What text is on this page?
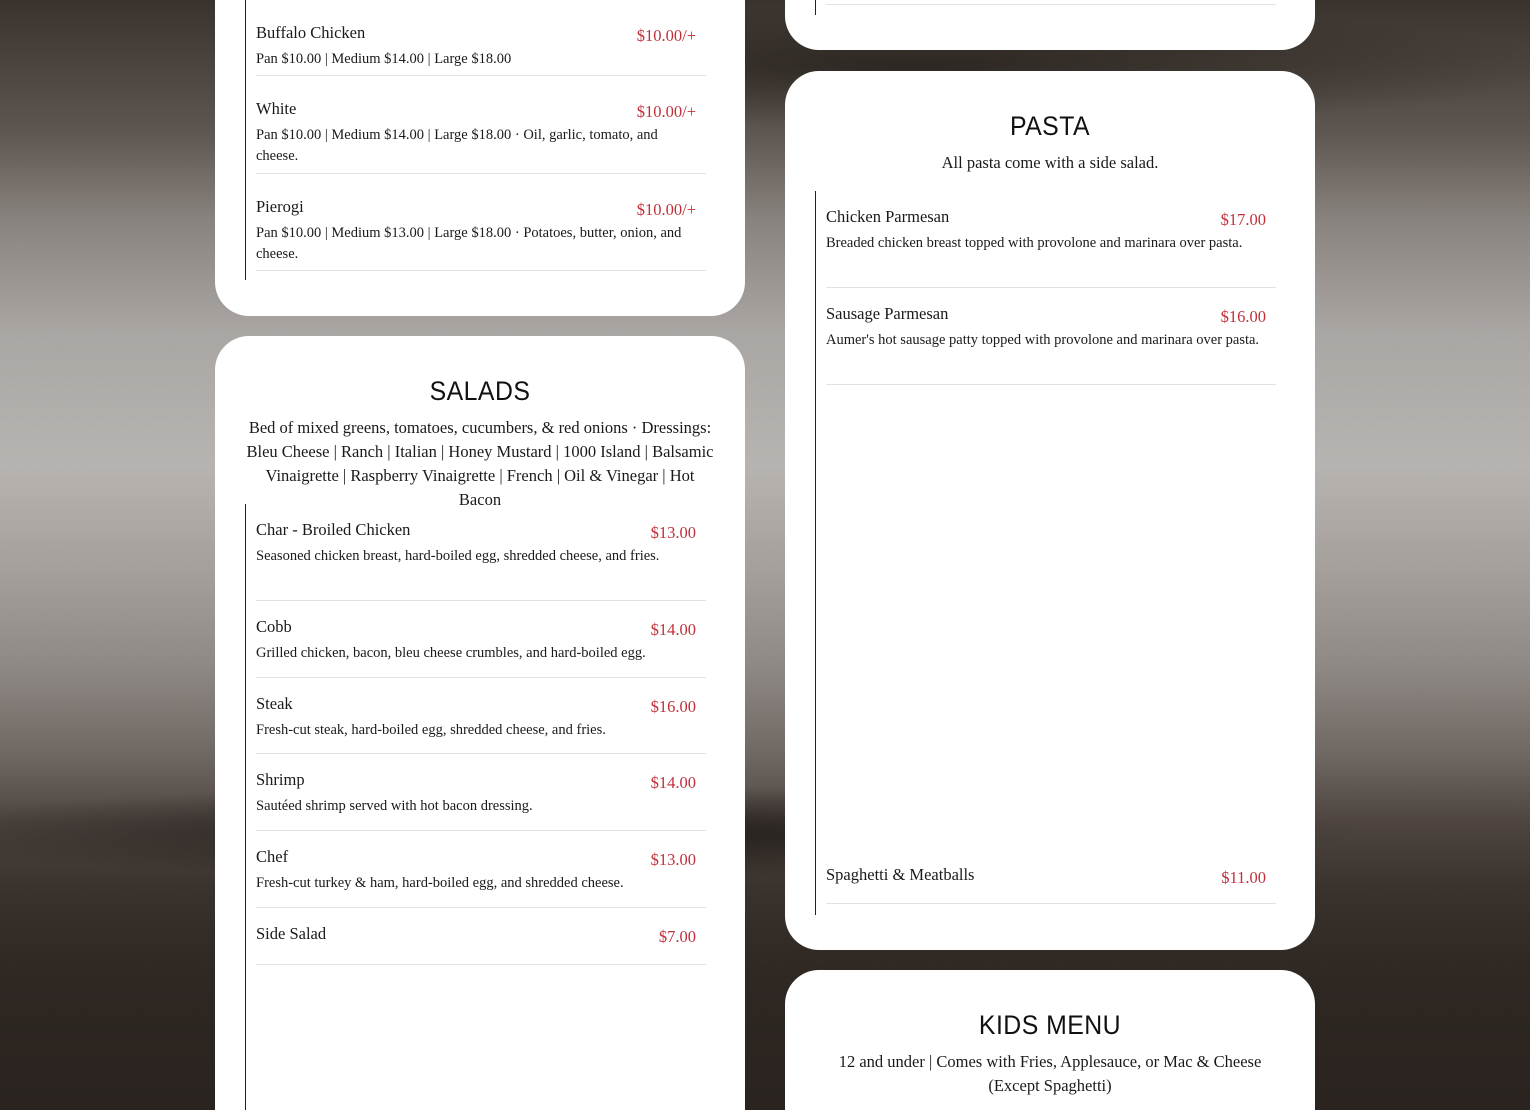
Buffalo Chicken	$10.00/+
Pan $10.00 | Medium $14.00 | Large $18.00
White	$10.00/+
Pan $10.00 | Medium $14.00 | Large $18.00 · Oil, garlic, tomato, and cheese.
Pierogi	$10.00/+
Pan $10.00 | Medium $13.00 | Large $18.00 · Potatoes, butter, onion, and cheese.
SALADS
Bed of mixed greens, tomatoes, cucumbers, & red onions · Dressings: Bleu Cheese | Ranch | Italian | Honey Mustard | 1000 Island | Balsamic Vinaigrette | Raspberry Vinaigrette | French | Oil & Vinegar | Hot Bacon
Char - Broiled Chicken	$13.00
Seasoned chicken breast, hard-boiled egg, shredded cheese, and fries.
Cobb	$14.00
Grilled chicken, bacon, bleu cheese crumbles, and hard-boiled egg.
Steak	$16.00
Fresh-cut steak, hard-boiled egg, shredded cheese, and fries.
Shrimp	$14.00
Sautéed shrimp served with hot bacon dressing.
Chef	$13.00
Fresh-cut turkey & ham, hard-boiled egg, and shredded cheese.
Side Salad	$7.00
PASTA
All pasta come with a side salad.
Chicken Parmesan	$17.00
Breaded chicken breast topped with provolone and marinara over pasta.
Sausage Parmesan	$16.00
Aumer's hot sausage patty topped with provolone and marinara over pasta.
Spaghetti & Meatballs	$11.00
KIDS MENU
12 and under | Comes with Fries, Applesauce, or Mac & Cheese (Except Spaghetti)
